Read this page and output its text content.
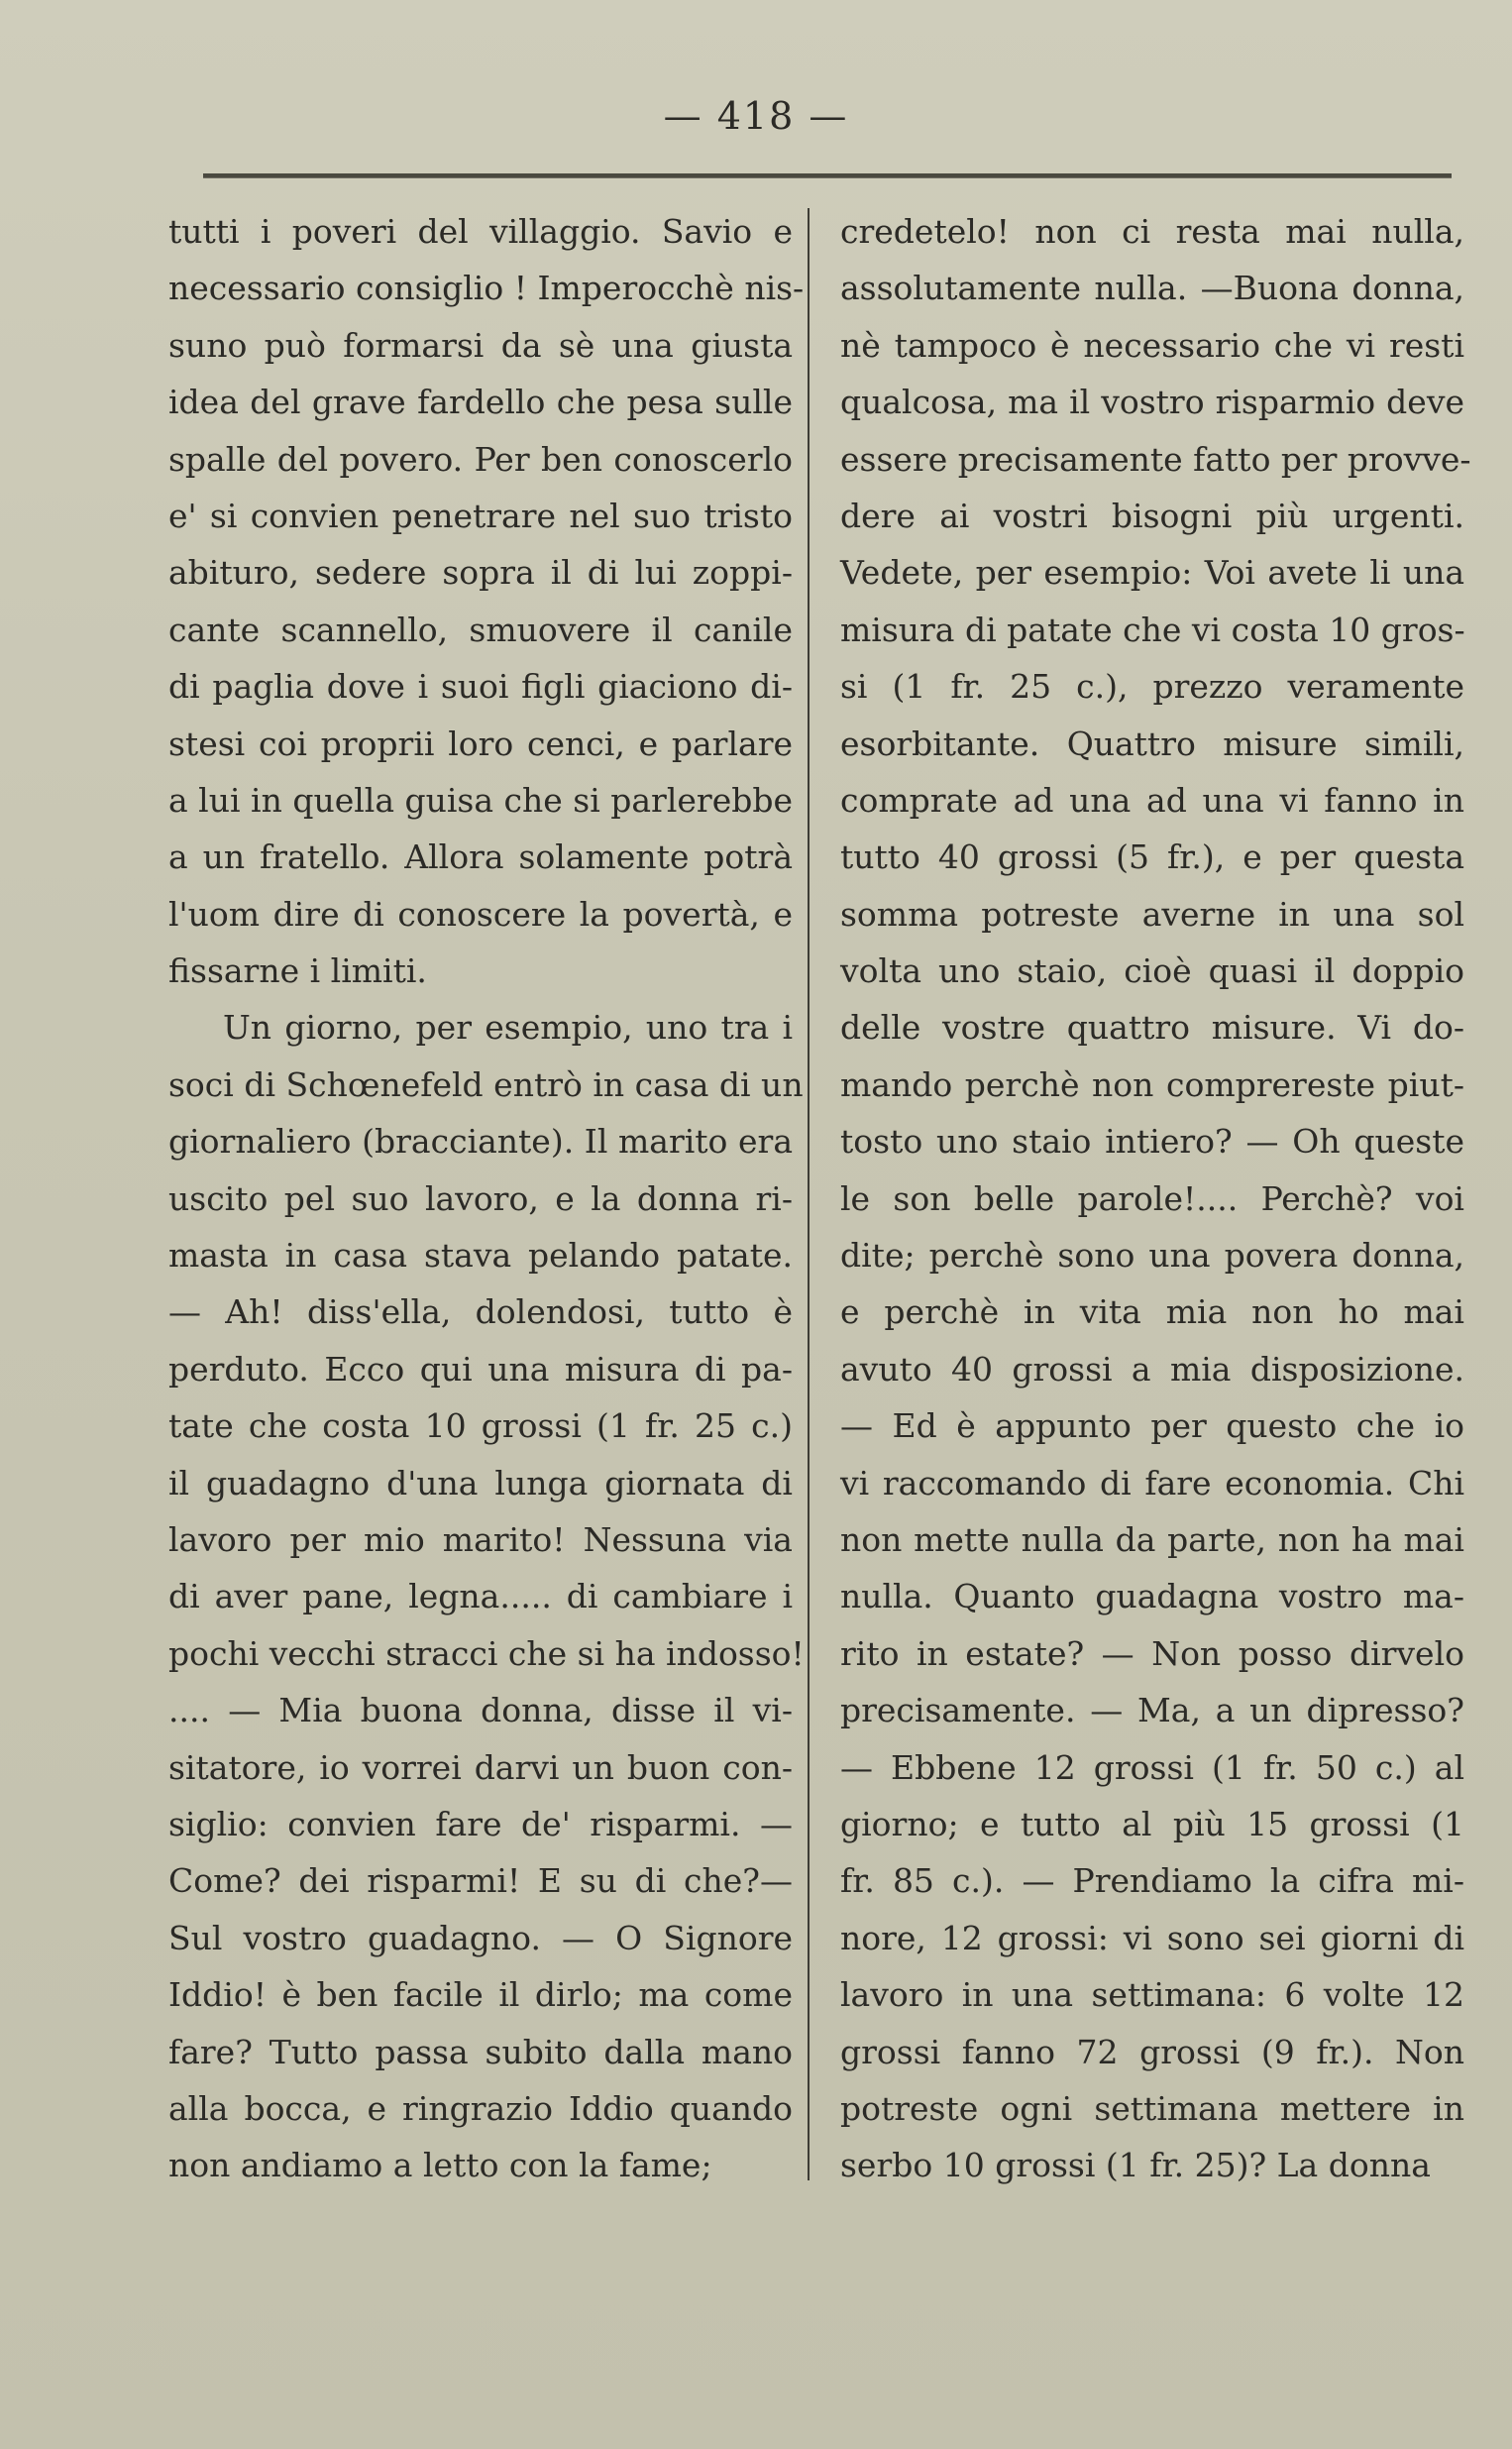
— 418 —
tutti i poveri del villaggio. Savio e
necessario consiglio ! Imperocchè nis-
suno può formarsi da sè una giusta
idea del grave fardello che pesa sulle
spalle del povero. Per ben conoscerlo
e' si convien penetrare nel suo tristo
abituro, sedere sopra il di lui zoppi-
cante scannello, smuovere il canile
di paglia dove i suoi figli giaciono di-
stesi coi proprii loro cenci, e parlare
a lui in quella guisa che si parlerebbe
a un fratello. Allora solamente potrà
l'uom dire di conoscere la povertà, e
fissarne i limiti.
Un giorno, per esempio, uno tra i
soci di Schœnefeld entrò in casa di un
giornaliero (bracciante). Il marito era
uscito pel suo lavoro, e la donna ri-
masta in casa stava pelando patate.
— Ah! diss'ella, dolendosi, tutto è
perduto. Ecco qui una misura di pa-
tate che costa 10 grossi (1 fr. 25 c.)
il guadagno d'una lunga giornata di
lavoro per mio marito! Nessuna via
di aver pane, legna..... di cambiare i
pochi vecchi stracci che si ha indosso!
.... — Mia buona donna, disse il vi-
sitatore, io vorrei darvi un buon con-
siglio: convien fare de' risparmi. —
Come? dei risparmi! E su di che?—
Sul vostro guadagno. — O Signore
Iddio! è ben facile il dirlo; ma come
fare? Tutto passa subito dalla mano
alla bocca, e ringrazio Iddio quando
non andiamo a letto con la fame;
credetelo! non ci resta mai nulla,
assolutamente nulla. —Buona donna,
nè tampoco è necessario che vi resti
qualcosa, ma il vostro risparmio deve
essere precisamente fatto per provve-
dere ai vostri bisogni più urgenti.
Vedete, per esempio: Voi avete li una
misura di patate che vi costa 10 gros-
si (1 fr. 25 c.), prezzo veramente
esorbitante. Quattro misure simili,
comprate ad una ad una vi fanno in
tutto 40 grossi (5 fr.), e per questa
somma potreste averne in una sol
volta uno staio, cioè quasi il doppio
delle vostre quattro misure. Vi do-
mando perchè non comprereste piut-
tosto uno staio intiero? — Oh queste
le son belle parole!.... Perchè? voi
dite; perchè sono una povera donna,
e perchè in vita mia non ho mai
avuto 40 grossi a mia disposizione.
— Ed è appunto per questo che io
vi raccomando di fare economia. Chi
non mette nulla da parte, non ha mai
nulla. Quanto guadagna vostro ma-
rito in estate? — Non posso dirvelo
precisamente. — Ma, a un dipresso?
— Ebbene 12 grossi (1 fr. 50 c.) al
giorno; e tutto al più 15 grossi (1
fr. 85 c.). — Prendiamo la cifra mi-
nore, 12 grossi: vi sono sei giorni di
lavoro in una settimana: 6 volte 12
grossi fanno 72 grossi (9 fr.). Non
potreste ogni settimana mettere in
serbo 10 grossi (1 fr. 25)? La donna
